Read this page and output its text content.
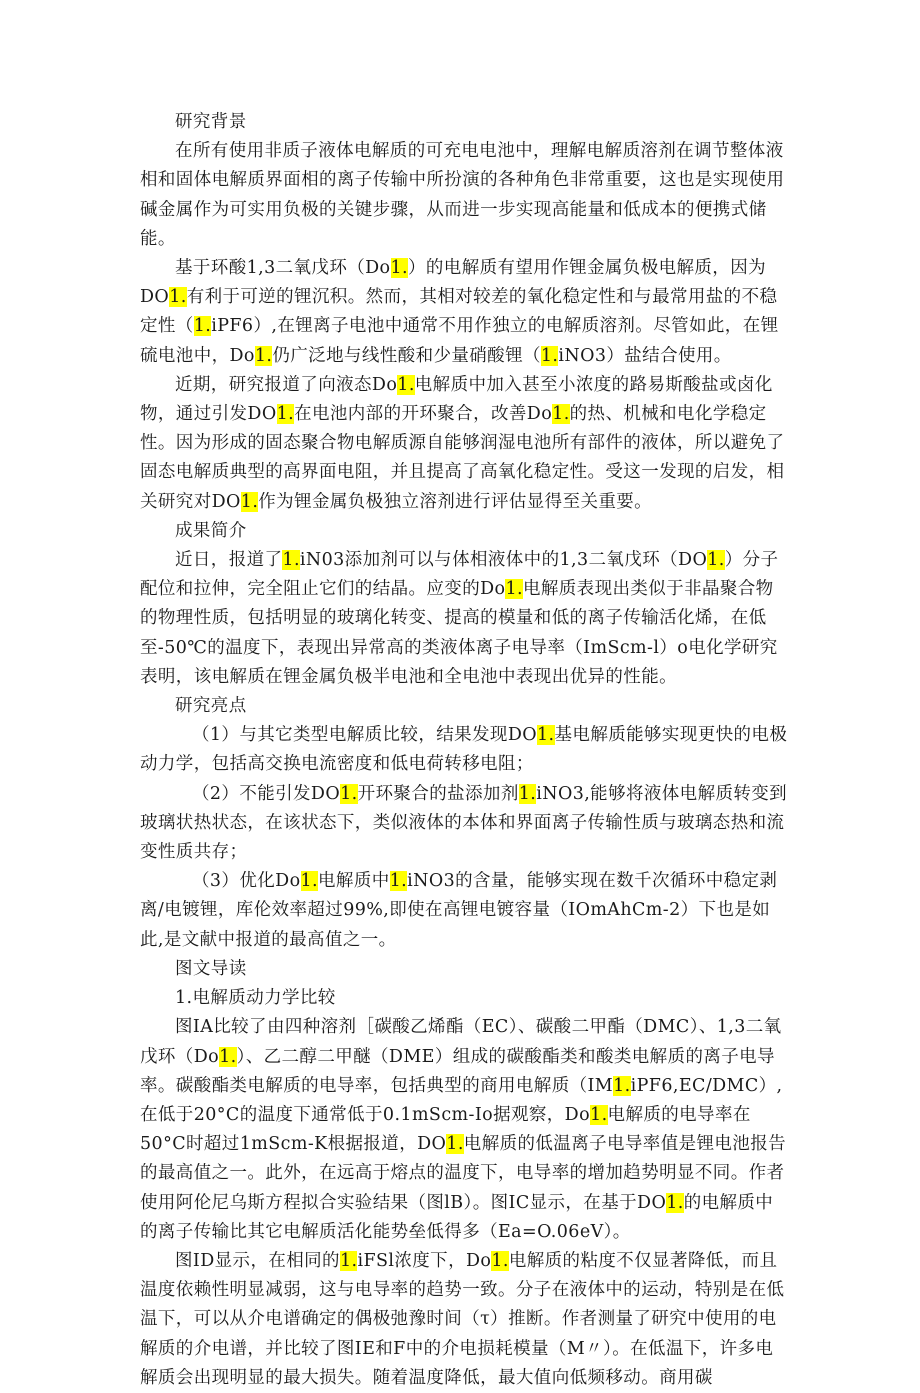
研究背景

在所有使用非质子液体电解质的可充电电池中，理解电解质溶剂在调节整体液相和固体电解质界面相的离子传输中所扮演的各种角色非常重要，这也是实现使用碱金属作为可实用负极的关键步骤，从而进一步实现高能量和低成本的便携式储能。

基于环酸1,3二氧戊环（Do1.）的电解质有望用作锂金属负极电解质，因为DO1.有利于可逆的锂沉积。然而，其相对较差的氧化稳定性和与最常用盐的不稳定性（1.iPF6）,在锂离子电池中通常不用作独立的电解质溶剂。尽管如此，在锂硫电池中，Do1.仍广泛地与线性酸和少量硝酸锂（1.iNO3）盐结合使用。

近期，研究报道了向液态Do1.电解质中加入甚至小浓度的路易斯酸盐或卤化物，通过引发DO1.在电池内部的开环聚合，改善Do1.的热、机械和电化学稳定性。因为形成的固态聚合物电解质源自能够润湿电池所有部件的液体，所以避免了固态电解质典型的高界面电阻，并且提高了高氧化稳定性。受这一发现的启发，相关研究对DO1.作为锂金属负极独立溶剂进行评估显得至关重要。

成果简介

近日，报道了1.iN03添加剂可以与体相液体中的1,3二氧戊环（DO1.）分子配位和拉伸，完全阻止它们的结晶。应变的Do1.电解质表现出类似于非晶聚合物的物理性质，包括明显的玻璃化转变、提高的模量和低的离子传输活化烯，在低至-50℃的温度下，表现出异常高的类液体离子电导率（ImScm-l）o电化学研究表明，该电解质在锂金属负极半电池和全电池中表现出优异的性能。

研究亮点

（1）与其它类型电解质比较，结果发现DO1.基电解质能够实现更快的电极动力学，包括高交换电流密度和低电荷转移电阻；

（2）不能引发DO1.开环聚合的盐添加剂1.iNO3,能够将液体电解质转变到玻璃状热状态，在该状态下，类似液体的本体和界面离子传输性质与玻璃态热和流变性质共存；

（3）优化Do1.电解质中1.iNO3的含量，能够实现在数千次循环中稳定剥离/电镀锂，库伦效率超过99%,即使在高锂电镀容量（IOmAhCm-2）下也是如此,是文献中报道的最高值之一。

图文导读

1.电解质动力学比较

图IA比较了由四种溶剂［碳酸乙烯酯（EC）、碳酸二甲酯（DMC）、1,3二氧戊环（Do1.）、乙二醇二甲醚（DME）组成的碳酸酯类和酸类电解质的离子电导率。碳酸酯类电解质的电导率，包括典型的商用电解质（IM1.iPF6,EC/DMC）,在低于20°C的温度下通常低于0.1mScm-Io据观察，Do1.电解质的电导率在50°C时超过1mScm-K根据报道，DO1.电解质的低温离子电导率值是锂电池报告的最高值之一。此外，在远高于熔点的温度下，电导率的增加趋势明显不同。作者使用阿伦尼乌斯方程拟合实验结果（图lB）。图IC显示，在基于DO1.的电解质中的离子传输比其它电解质活化能势垒低得多（Ea=O.06eV）。

图ID显示，在相同的1.iFSl浓度下，Do1.电解质的粘度不仅显著降低，而且温度依赖性明显减弱，这与电导率的趋势一致。分子在液体中的运动，特别是在低温下，可以从介电谱确定的偶极弛豫时间（τ）推断。作者测量了研究中使用的电解质的介电谱，并比较了图IE和F中的介电损耗模量（M〃）。在低温下，许多电解质会出现明显的最大损失。随着温度降低，最大值向低频移动。商用碳
